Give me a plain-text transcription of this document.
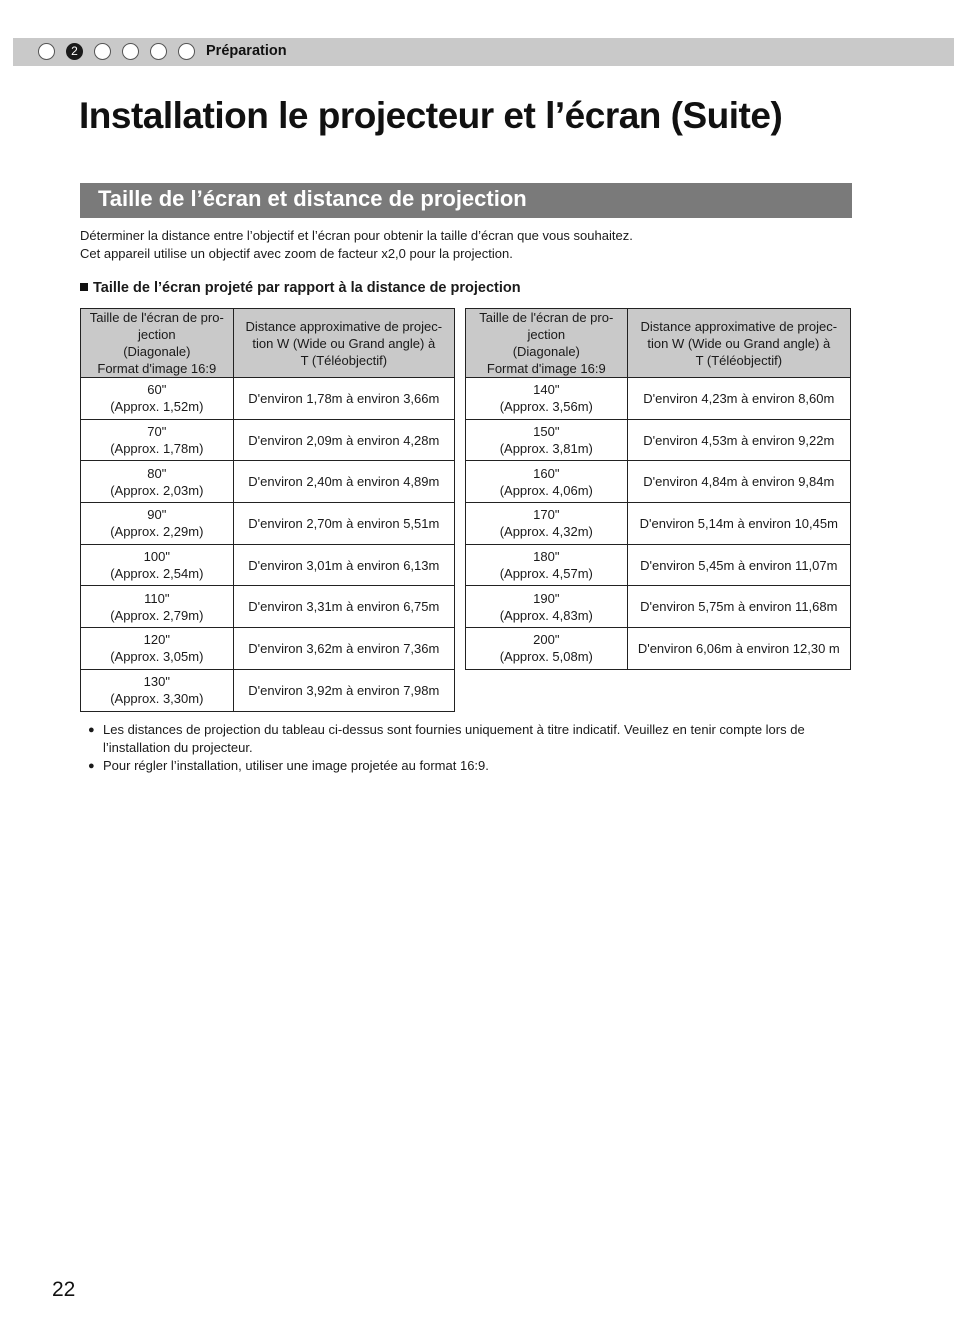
2	Préparation
Installation le projecteur et l’écran (Suite)
Taille de l’écran et distance de projection

Déterminer la distance entre l’objectif et l’écran pour obtenir la taille d’écran que vous souhaitez.

Cet appareil utilise un objectif avec zoom de facteur x2,0 pour la projection.

Taille de l’écran projeté par rapport à la distance de projection
Taille de l'écran de pro-
jection
(Diagonale)
Format d'image 16:9	Distance approximative de projec-
tion W (Wide ou Grand angle) à
T (Téléobjectif)
60"
(Approx. 1,52m)	D'environ 1,78m à environ 3,66m
70"
(Approx. 1,78m)	D'environ 2,09m à environ 4,28m
80"
(Approx. 2,03m)	D'environ 2,40m à environ 4,89m
90"
(Approx. 2,29m)	D'environ 2,70m à environ 5,51m
100"
(Approx. 2,54m)	D'environ 3,01m à environ 6,13m
110"
(Approx. 2,79m)	D'environ 3,31m à environ 6,75m
120"
(Approx. 3,05m)	D'environ 3,62m à environ 7,36m
130"
(Approx. 3,30m)	D'environ 3,92m à environ 7,98m
Taille de l'écran de pro-
jection
(Diagonale)
Format d'image 16:9	Distance approximative de projec-
tion W (Wide ou Grand angle) à
T (Téléobjectif)
140"
(Approx. 3,56m)	D'environ 4,23m à environ 8,60m
150"
(Approx. 3,81m)	D'environ 4,53m à environ 9,22m
160"
(Approx. 4,06m)	D'environ 4,84m à environ 9,84m
170"
(Approx. 4,32m)	D'environ 5,14m à environ 10,45m
180"
(Approx. 4,57m)	D'environ 5,45m à environ 11,07m
190"
(Approx. 4,83m)	D'environ 5,75m à environ 11,68m
200"
(Approx. 5,08m)	D'environ 6,06m à environ 12,30 m
● Les distances de projection du tableau ci-dessus sont fournies uniquement à titre indicatif. Veuillez en tenir compte lors de l’installation du projecteur.
● Pour régler l’installation, utiliser une image projetée au format 16:9.
22
